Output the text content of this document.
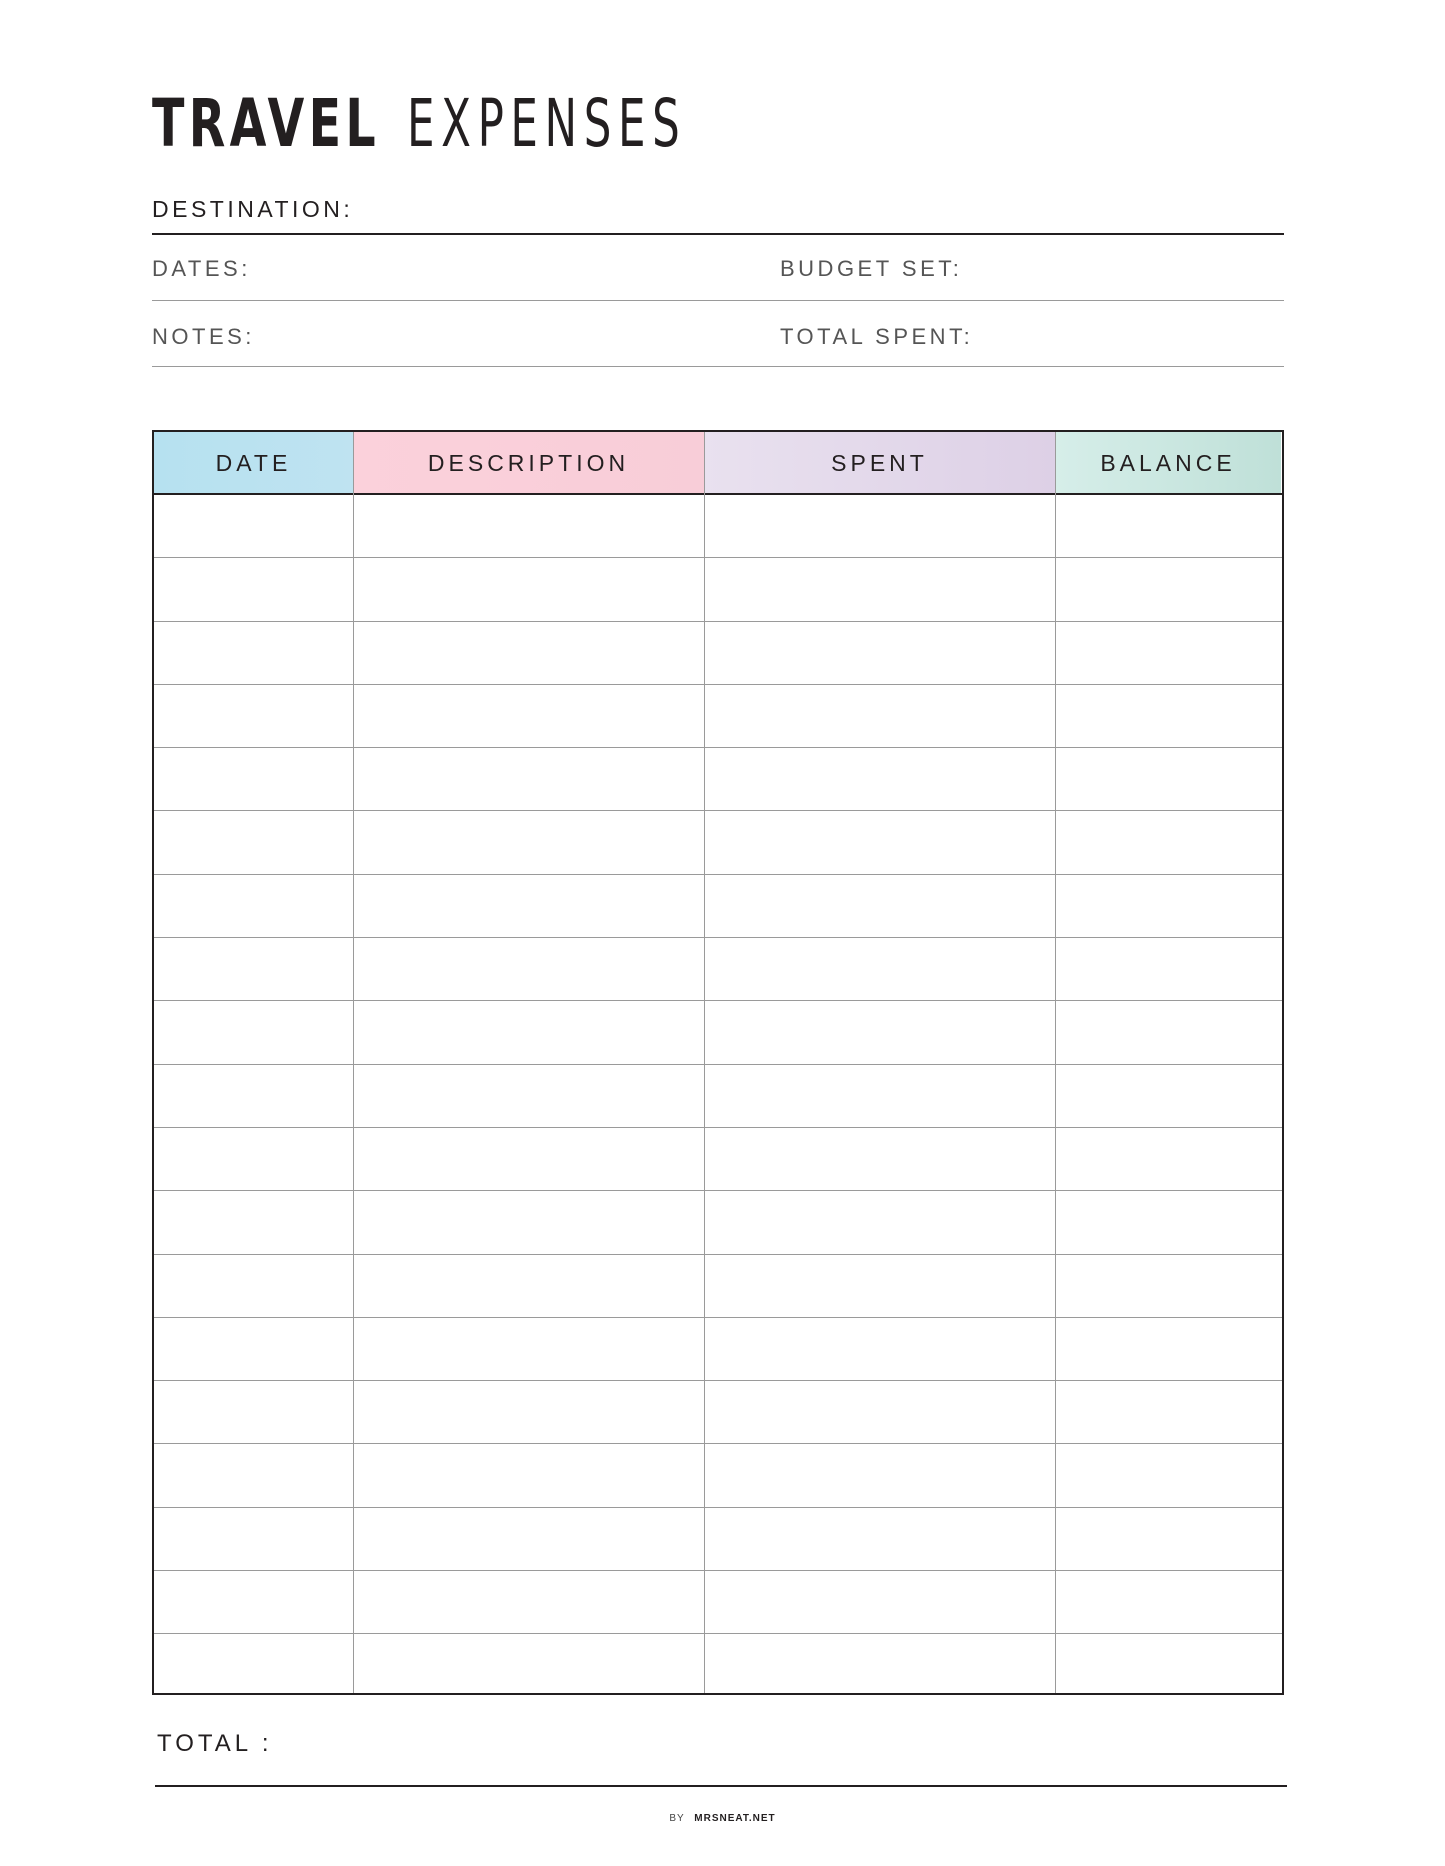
TRAVEL EXPENSES
DESTINATION:
DATES:	BUDGET SET:
NOTES:	TOTAL SPENT:
DATE	DESCRIPTION	SPENT	BALANCE
TOTAL :
BY MRSNEAT.NET
